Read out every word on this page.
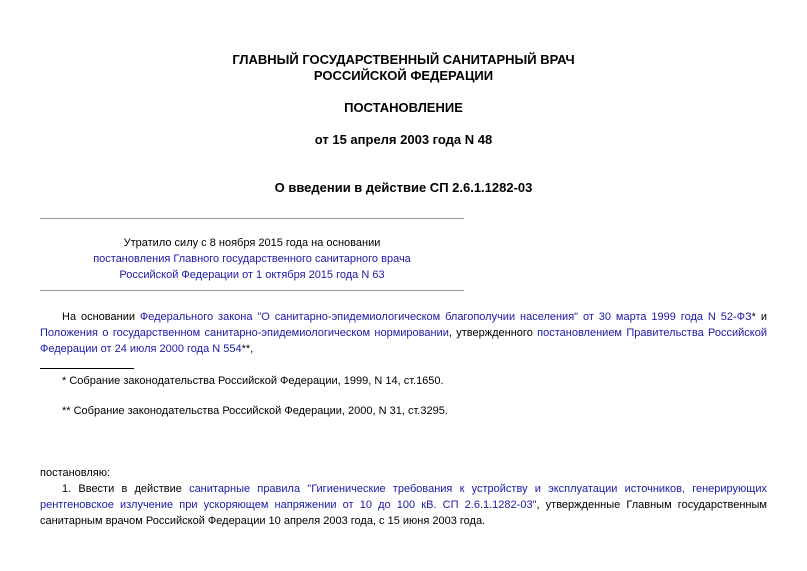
ГЛАВНЫЙ ГОСУДАРСТВЕННЫЙ САНИТАРНЫЙ ВРАЧ
РОССИЙСКОЙ ФЕДЕРАЦИИ
ПОСТАНОВЛЕНИЕ
от 15 апреля 2003 года N 48
О введении в действие СП 2.6.1.1282-03
Утратило силу с 8 ноября 2015 года на основании
постановления Главного государственного санитарного врача
Российской Федерации от 1 октября 2015 года N 63
На основании Федерального закона "О санитарно-эпидемиологическом благополучии населения" от 30 марта 1999 года N 52-ФЗ* и Положения о государственном санитарно-эпидемиологическом нормировании, утвержденного постановлением Правительства Российской Федерации от 24 июля 2000 года N 554**,
* Собрание законодательства Российской Федерации, 1999, N 14, ст.1650.
** Собрание законодательства Российской Федерации, 2000, N 31, ст.3295.
постановляю:
1. Ввести в действие санитарные правила "Гигиенические требования к устройству и эксплуатации источников, генерирующих рентгеновское излучение при ускоряющем напряжении от 10 до 100 кВ. СП 2.6.1.1282-03", утвержденные Главным государственным санитарным врачом Российской Федерации 10 апреля 2003 года, с 15 июня 2003 года.
